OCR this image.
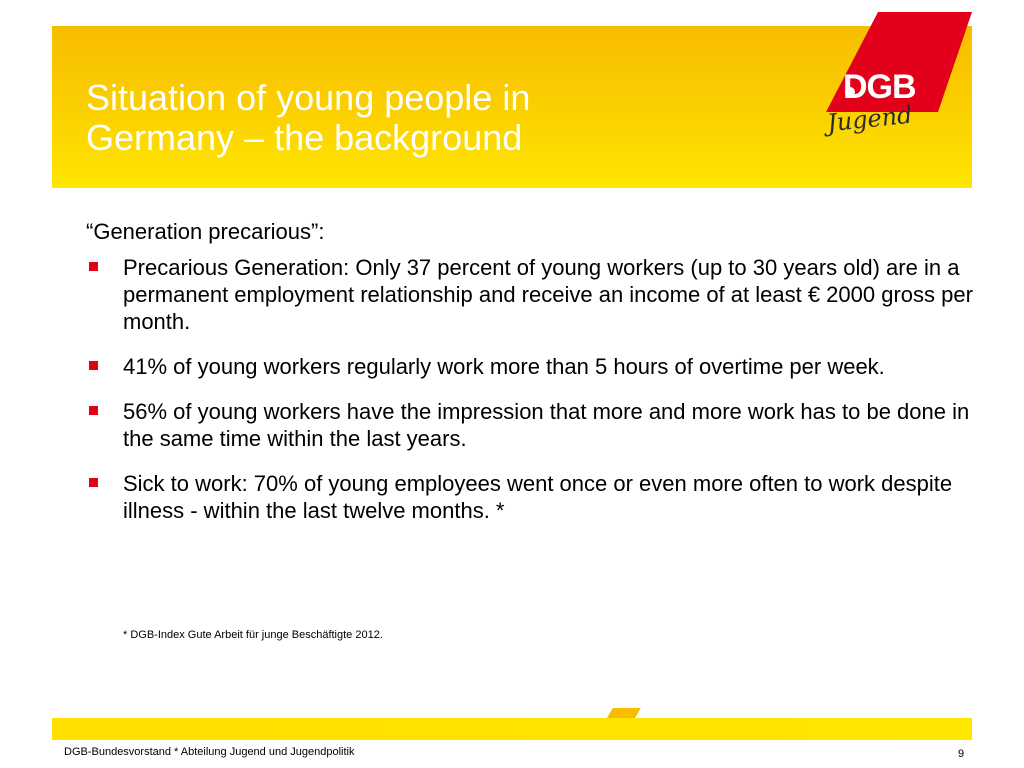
Situation of young people in
Germany – the background
DGB
Jugend

“Generation precarious”:

Precarious Generation: Only 37 percent of young workers (up to 30 years old) are in a permanent employment relationship and receive an income of at least € 2000 gross per month.
41% of young workers regularly work more than 5 hours of overtime per week.
56% of young workers have the impression that more and more work has to be done in the same time within the last years.
Sick to work: 70% of young employees went once or even more often to work despite illness - within the last twelve months. *
* DGB-Index Gute Arbeit für junge Beschäftigte 2012.
DGB-Bundesvorstand * Abteilung Jugend und Jugendpolitik	9
